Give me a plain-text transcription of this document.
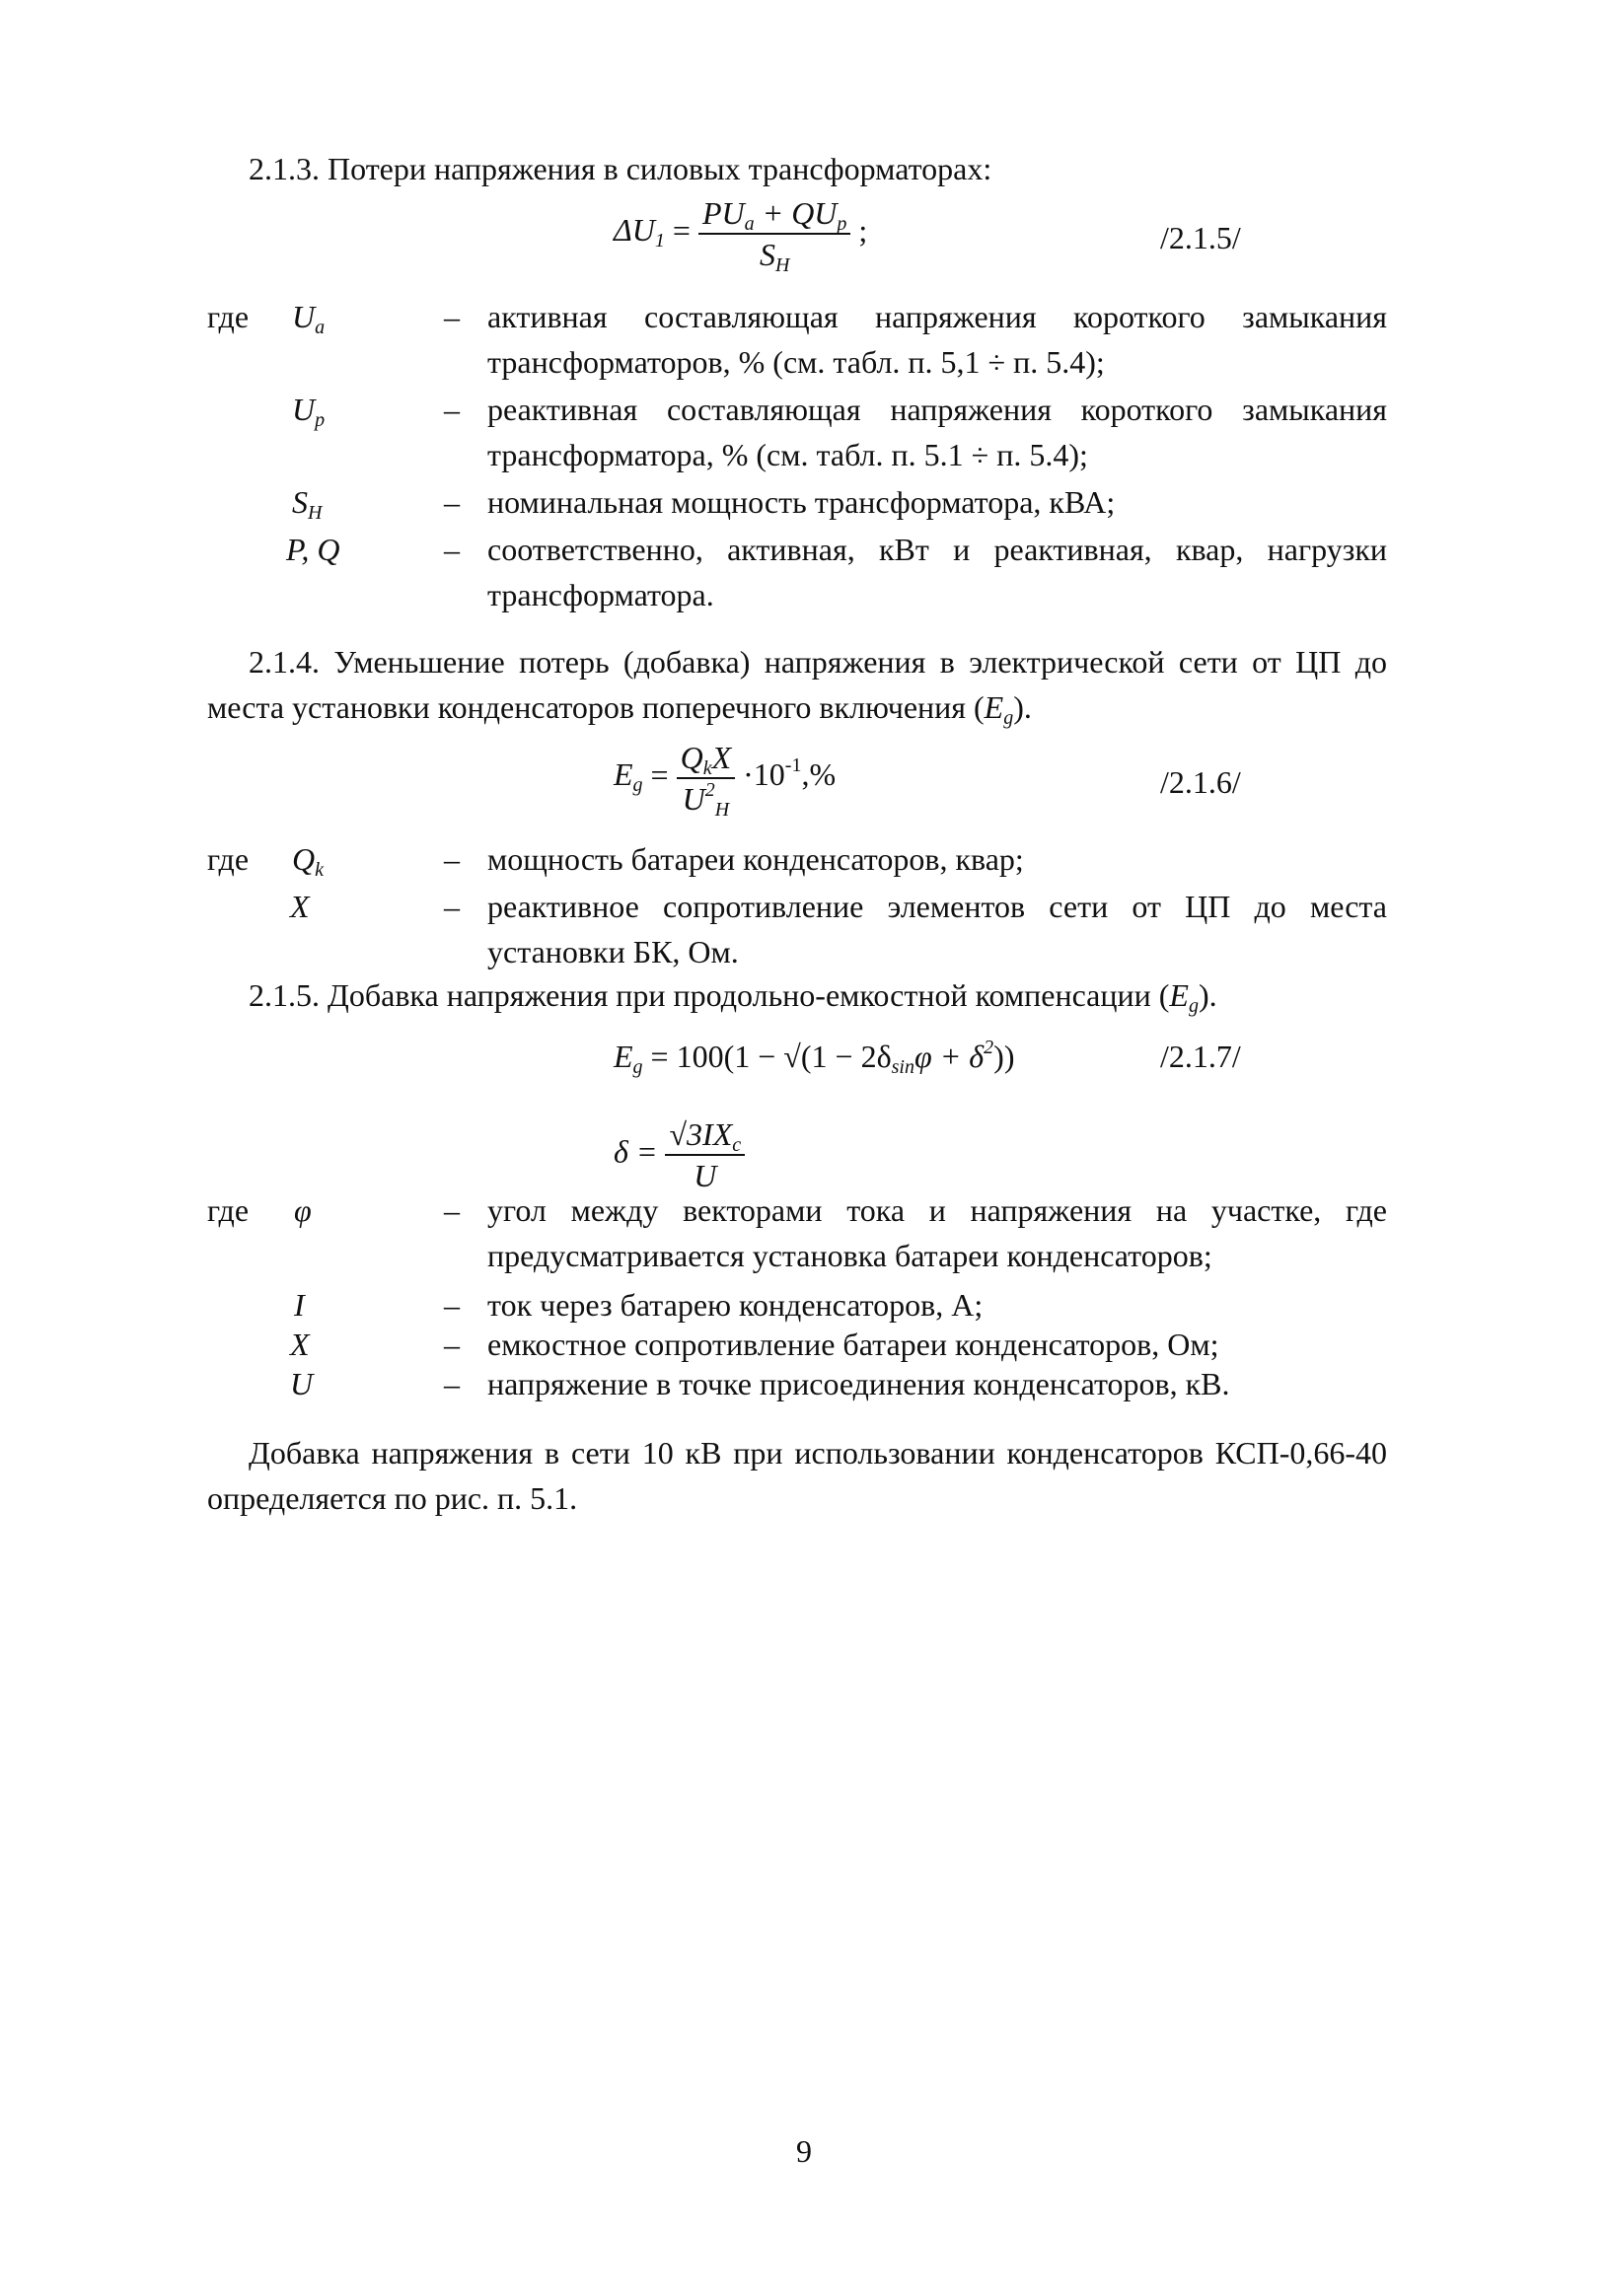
2.1.3. Потери напряжения в силовых трансформаторах:
$\Delta U_1 = \frac{PU_a + QU_p}{S_H}$ ;	/2.1.5/
где $U_a$	– активная составляющая напряжения короткого замыкания трансформаторов, % (см. табл. п. 5,1 ÷ п. 5.4);
$U_p$	– реактивная составляющая напряжения короткого замыкания трансформатора, % (см. табл. п. 5.1 ÷ п. 5.4);
$S_H$	– номинальная мощность трансформатора, кВА;
P, Q	– соответственно, активная, кВт и реактивная, квар, нагрузки трансформатора.
2.1.4. Уменьшение потерь (добавка) напряжения в электрической сети от ЦП до места установки конденсаторов поперечного включения $(E_g)$.
$E_g = \frac{Q_kX}{U^2_H} \cdot 10^{-1},\%$	/2.1.6/
где $Q_k$	– мощность батареи конденсаторов, квар;
X	– реактивное сопротивление элементов сети от ЦП до места установки БК, Ом.
2.1.5. Добавка напряжения при продольно-емкостной компенсации $(E_g)$.
$E_g = 100(1 - √(1 - 2\delta_{sin}\varphi + \delta^2))$	/2.1.7/
$\delta = \frac{√3IX_c}{U}$
где φ	– угол между векторами тока и напряжения на участке, где предусматривается установка батареи конденсаторов;
I	– ток через батарею конденсаторов, А;
X	– емкостное сопротивление батареи конденсаторов, Ом;
U	– напряжение в точке присоединения конденсаторов, кВ.
Добавка напряжения в сети 10 кВ при использовании конденсаторов КСП-0,66-40 определяется по рис. п. 5.1.
9
